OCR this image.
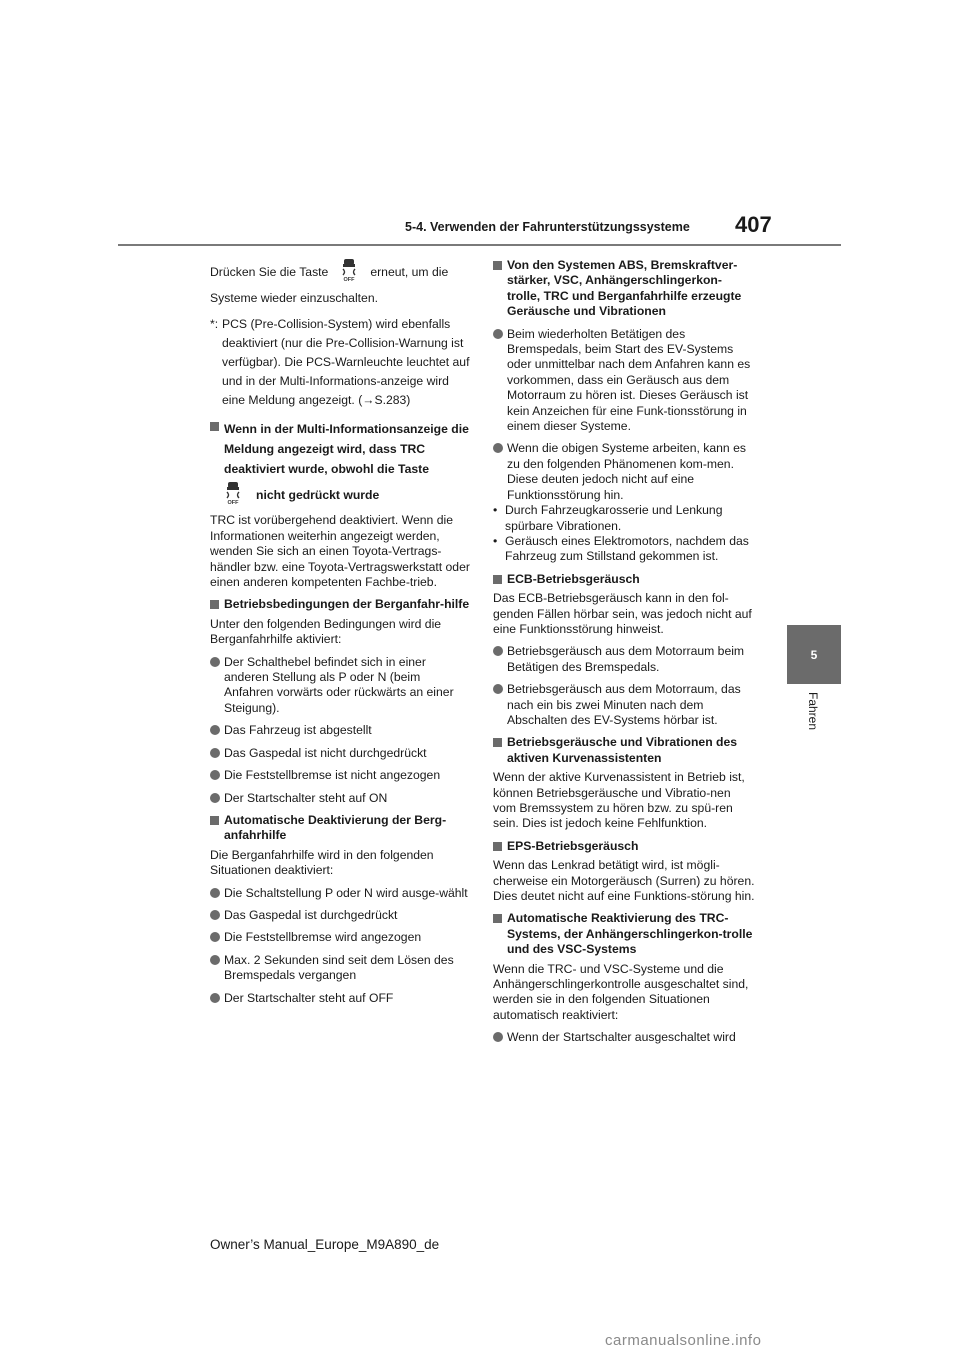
5-4. Verwenden der Fahrunterstützungssysteme 407
5
Fahren

Drücken Sie die Taste
OFF
erneut, um die
Systeme wieder einzuschalten.

*: PCS (Pre-Collision-System) wird ebenfalls deaktiviert (nur die Pre-Collision-Warnung ist verfügbar). Die PCS-Warnleuchte leuchtet auf und in der Multi-Informations-anzeige wird eine Meldung angezeigt. (→S.283)
Wenn in der Multi-Informationsanzeige die Meldung angezeigt wird, dass TRC deaktiviert wurde, obwohl die Taste
OFF
nicht gedrückt wurde

TRC ist vorübergehend deaktiviert. Wenn die Informationen weiterhin angezeigt werden, wenden Sie sich an einen Toyota-Vertrags-händler bzw. eine Toyota-Vertragswerkstatt oder einen anderen kompetenten Fachbe-trieb.

Betriebsbedingungen der Berganfahr-hilfe

Unter den folgenden Bedingungen wird die Berganfahrhilfe aktiviert:

Der Schalthebel befindet sich in einer anderen Stellung als P oder N (beim Anfahren vorwärts oder rückwärts an einer Steigung).
Das Fahrzeug ist abgestellt
Das Gaspedal ist nicht durchgedrückt
Die Feststellbremse ist nicht angezogen
Der Startschalter steht auf ON
Automatische Deaktivierung der Berg-anfahrhilfe

Die Berganfahrhilfe wird in den folgenden Situationen deaktiviert:

Die Schaltstellung P oder N wird ausge-wählt
Das Gaspedal ist durchgedrückt
Die Feststellbremse wird angezogen
Max. 2 Sekunden sind seit dem Lösen des Bremspedals vergangen
Der Startschalter steht auf OFF
Von den Systemen ABS, Bremskraftver-stärker, VSC, Anhängerschlingerkon-trolle, TRC und Berganfahrhilfe erzeugte Geräusche und Vibrationen
Beim wiederholten Betätigen des Bremspedals, beim Start des EV-Systems oder unmittelbar nach dem Anfahren kann es vorkommen, dass ein Geräusch aus dem Motorraum zu hören ist. Dieses Geräusch ist kein Anzeichen für eine Funk-tionsstörung in einem dieser Systeme.
Wenn die obigen Systeme arbeiten, kann es zu den folgenden Phänomenen kom-men. Diese deuten jedoch nicht auf eine Funktionsstörung hin.
• Durch Fahrzeugkarosserie und Lenkung spürbare Vibrationen.
• Geräusch eines Elektromotors, nachdem das Fahrzeug zum Stillstand gekommen ist.
ECB-Betriebsgeräusch

Das ECB-Betriebsgeräusch kann in den fol-genden Fällen hörbar sein, was jedoch nicht auf eine Funktionsstörung hinweist.

Betriebsgeräusch aus dem Motorraum beim Betätigen des Bremspedals.
Betriebsgeräusch aus dem Motorraum, das nach ein bis zwei Minuten nach dem Abschalten des EV-Systems hörbar ist.
Betriebsgeräusche und Vibrationen des aktiven Kurvenassistenten

Wenn der aktive Kurvenassistent in Betrieb ist, können Betriebsgeräusche und Vibratio-nen vom Bremssystem zu hören bzw. zu spü-ren sein. Dies ist jedoch keine Fehlfunktion.

EPS-Betriebsgeräusch

Wenn das Lenkrad betätigt wird, ist mögli-cherweise ein Motorgeräusch (Surren) zu hören. Dies deutet nicht auf eine Funktions-störung hin.

Automatische Reaktivierung des TRC-Systems, der Anhängerschlingerkon-trolle und des VSC-Systems

Wenn die TRC- und VSC-Systeme und die Anhängerschlingerkontrolle ausgeschaltet sind, werden sie in den folgenden Situationen automatisch reaktiviert:

Wenn der Startschalter ausgeschaltet wird
Owner’s Manual_Europe_M9A890_de
carmanualsonline.info
